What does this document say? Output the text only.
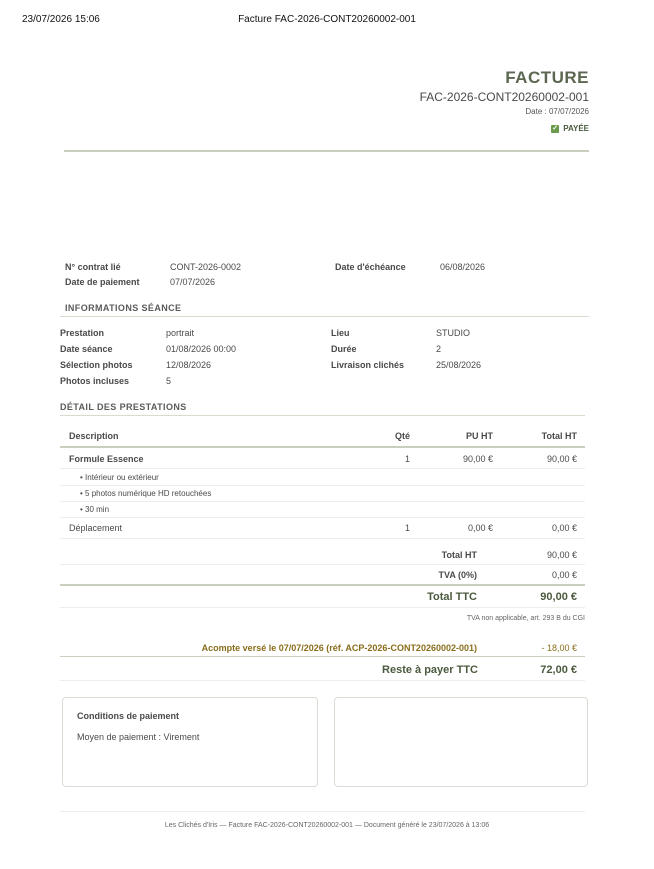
23/07/2026 15:06	Facture FAC-2026-CONT20260002-001
FACTURE
FAC-2026-CONT20260002-001
Date : 07/07/2026
✓ PAYÉE
N° contrat lié	CONT-2026-0002	Date d'échéance	06/08/2026
Date de paiement	07/07/2026
INFORMATIONS SÉANCE
Prestation	portrait	Lieu	STUDIO
Date séance	01/08/2026 00:00	Durée	2
Sélection photos	12/08/2026	Livraison clichés	25/08/2026
Photos incluses	5
DÉTAIL DES PRESTATIONS
Description	Qté	PU HT	Total HT
Formule Essence	1	90,00 €	90,00 €
• Intérieur ou extérieur
• 5 photos numérique HD retouchées
• 30 min
Déplacement	1	0,00 €	0,00 €
Total HT	90,00 €
TVA (0%)	0,00 €
Total TTC	90,00 €
TVA non applicable, art. 293 B du CGI
Acompte versé le 07/07/2026 (réf. ACP-2026-CONT20260002-001)	- 18,00 €
Reste à payer TTC	72,00 €
Conditions de paiement
Moyen de paiement : Virement
Les Clichés d'Iris — Facture FAC-2026-CONT20260002-001 — Document généré le 23/07/2026 à 13:06
